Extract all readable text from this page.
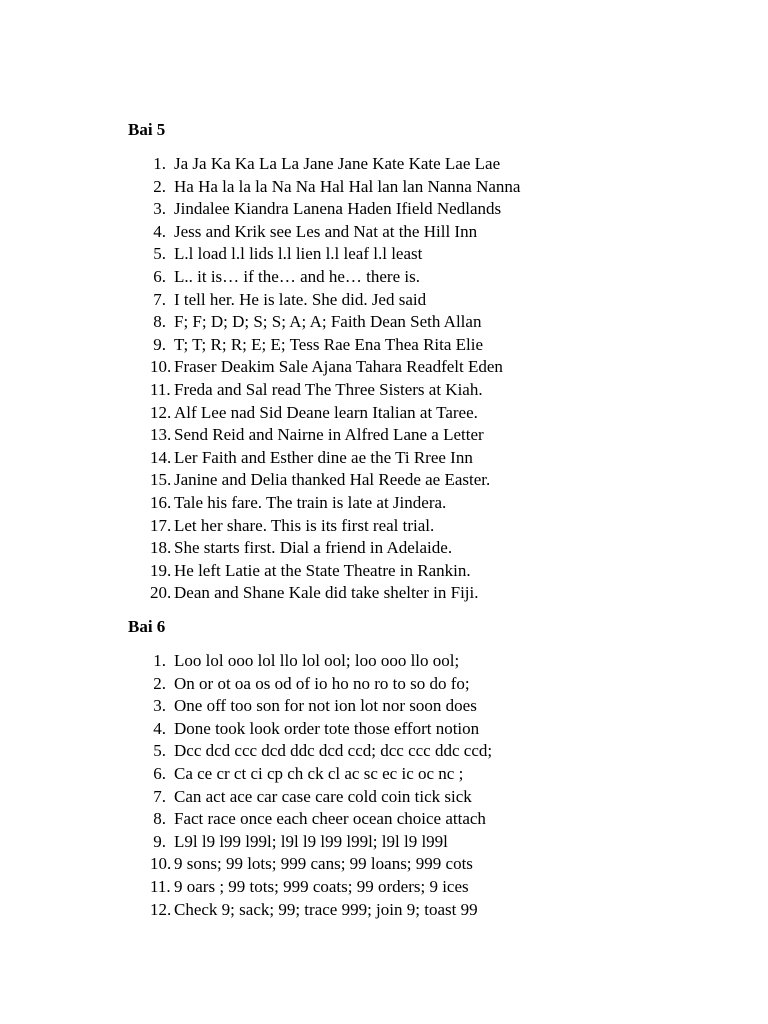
Bai 5
1. Ja Ja Ka Ka La La Jane Jane Kate Kate Lae Lae
2. Ha Ha la la la Na Na Hal Hal lan lan Nanna Nanna
3. Jindalee Kiandra Lanena Haden Ifield Nedlands
4. Jess and Krik see Les and Nat at the Hill Inn
5. L.l load l.l lids l.l lien l.l leaf l.l least
6. L.. it is… if the… and he… there is.
7. I tell her. He is late. She did. Jed said
8. F; F; D; D; S; S; A; A; Faith Dean Seth Allan
9. T; T; R; R; E; E; Tess Rae Ena Thea Rita Elie
10. Fraser Deakim Sale Ajana Tahara Readfelt Eden
11. Freda and Sal read The Three Sisters at Kiah.
12. Alf Lee nad Sid Deane learn Italian at Taree.
13. Send Reid and Nairne in Alfred Lane a Letter
14. Ler Faith and Esther dine ae the Ti Rree Inn
15. Janine and Delia thanked Hal Reede ae Easter.
16. Tale his fare. The train is late at Jindera.
17. Let her share. This is its first real trial.
18. She starts first. Dial a friend in Adelaide.
19. He left Latie at the State Theatre in Rankin.
20. Dean and Shane Kale did take shelter in Fiji.
Bai 6
1. Loo lol ooo lol llo lol ool; loo ooo llo ool;
2. On or ot oa os od of io ho no ro to so do fo;
3. One off too son for not ion lot nor soon does
4. Done took look order tote those effort notion
5. Dcc dcd ccc dcd ddc dcd ccd; dcc ccc ddc ccd;
6. Ca ce cr ct ci cp ch ck cl ac sc ec ic oc nc ;
7. Can act ace car case care cold coin tick sick
8. Fact race once each cheer ocean choice attach
9. L9l l9 l99 l99l; l9l l9 l99 l99l; l9l l9 l99l
10. 9 sons; 99 lots; 999 cans; 99 loans; 999 cots
11. 9 oars ; 99 tots; 999 coats; 99 orders; 9 ices
12. Check 9; sack; 99; trace 999; join 9; toast 99
